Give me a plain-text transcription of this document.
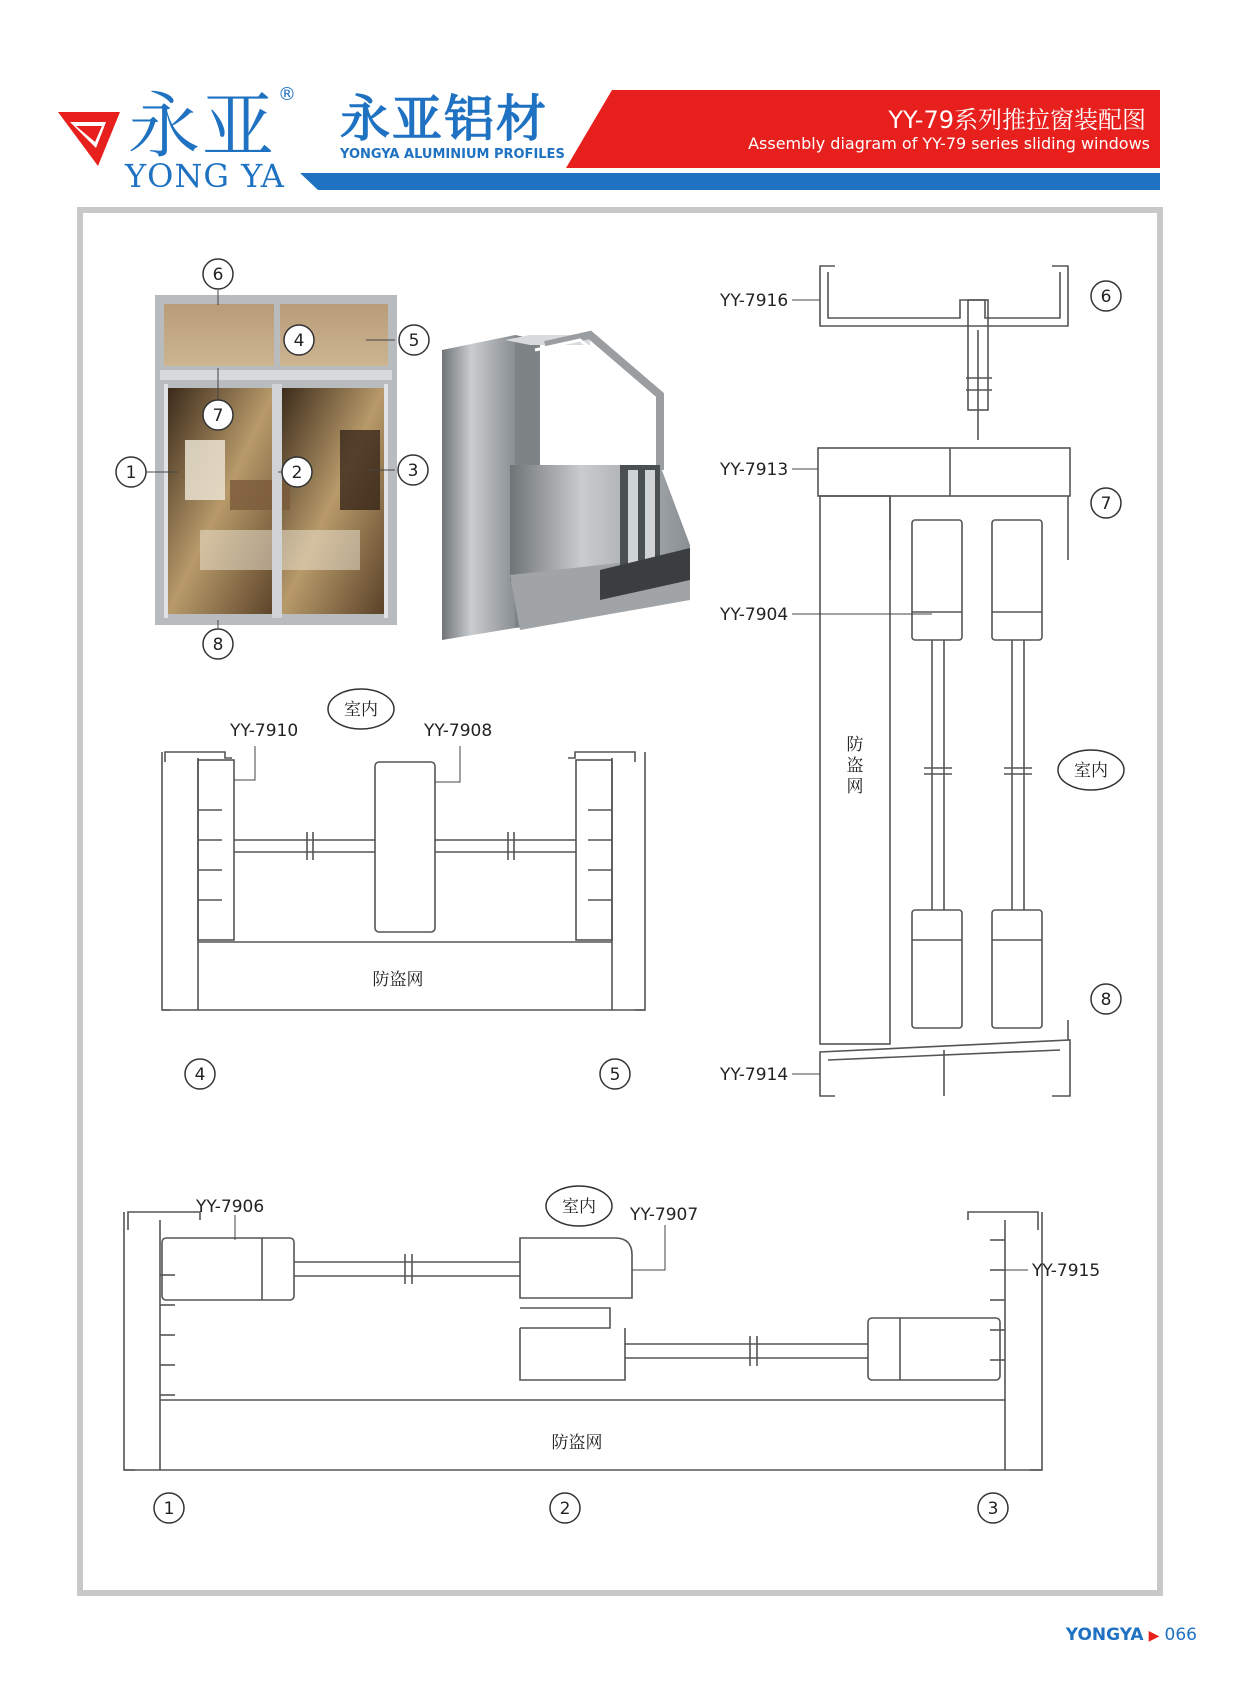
永亚 ®
YONG YA
永亚铝材
YONGYA ALUMINIUM PROFILES
YY-79系列推拉窗装配图
Assembly diagram of YY-79 series sliding windows
6
4	5
7
1	2	3
8
4	5
1	2	3
6
7
8
YY-7916
YY-7913
YY-7904
YY-7914
YY-7910	YY-7908
YY-7906	YY-7907
YY-7915
室内
室内
室内
防盗网
防盗网
防
盗
网
YONGYA ▶ 066
